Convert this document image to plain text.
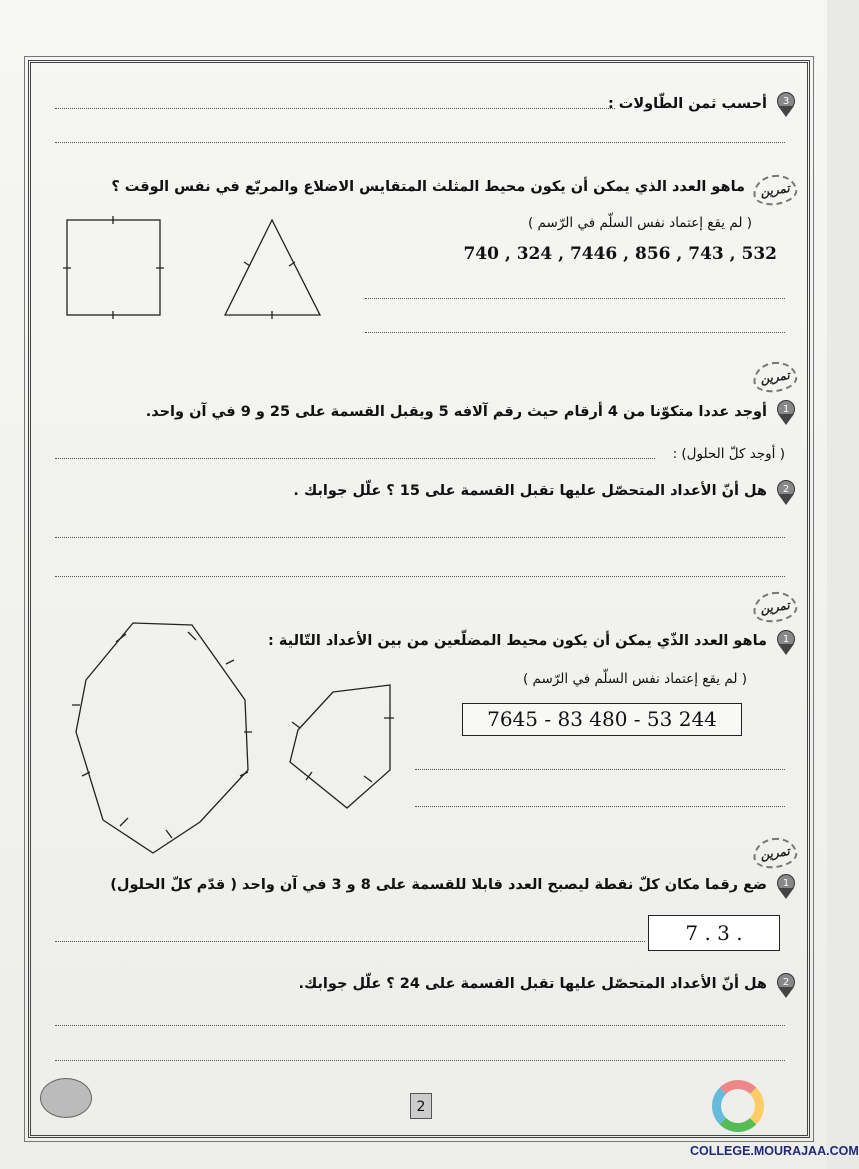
3
أحسب ثمن الطّاولات :
تمرين
ماهو العدد الذي يمكن أن يكون محيط المثلث المتقايس الاضلاع والمربّع في نفس الوقت ؟
( لم يقع إعتماد نفس السلّم في الرّسم )
740 , 324 , 7446 , 856 , 743 , 532
تمرين
1
أوجد عددا متكوّنا من 4 أرقام حيث رقم آلافه 5 ويقبل القسمة على 25 و 9 في آن واحد.
( أوجد كلّ الحلول) :
2
هل أنّ الأعداد المتحصّل عليها تقبل القسمة على 15 ؟ علّل جوابك .
تمرين
1
ماهو العدد الذّي يمكن أن يكون محيط المضلّعين من بين الأعداد التّالية :
( لم يقع إعتماد نفس السلّم في الرّسم )
7645 - 83 480 - 53 244
تمرين
1
ضع رقما مكان كلّ نقطة ليصبح العدد قابلا للقسمة على 8 و 3 في آن واحد ( قدّم كلّ الحلول)
7 . 3 .
2
هل أنّ الأعداد المتحصّل عليها تقبل القسمة على 24 ؟ علّل جوابك.
2
COLLEGE.MOURAJAA.COM
